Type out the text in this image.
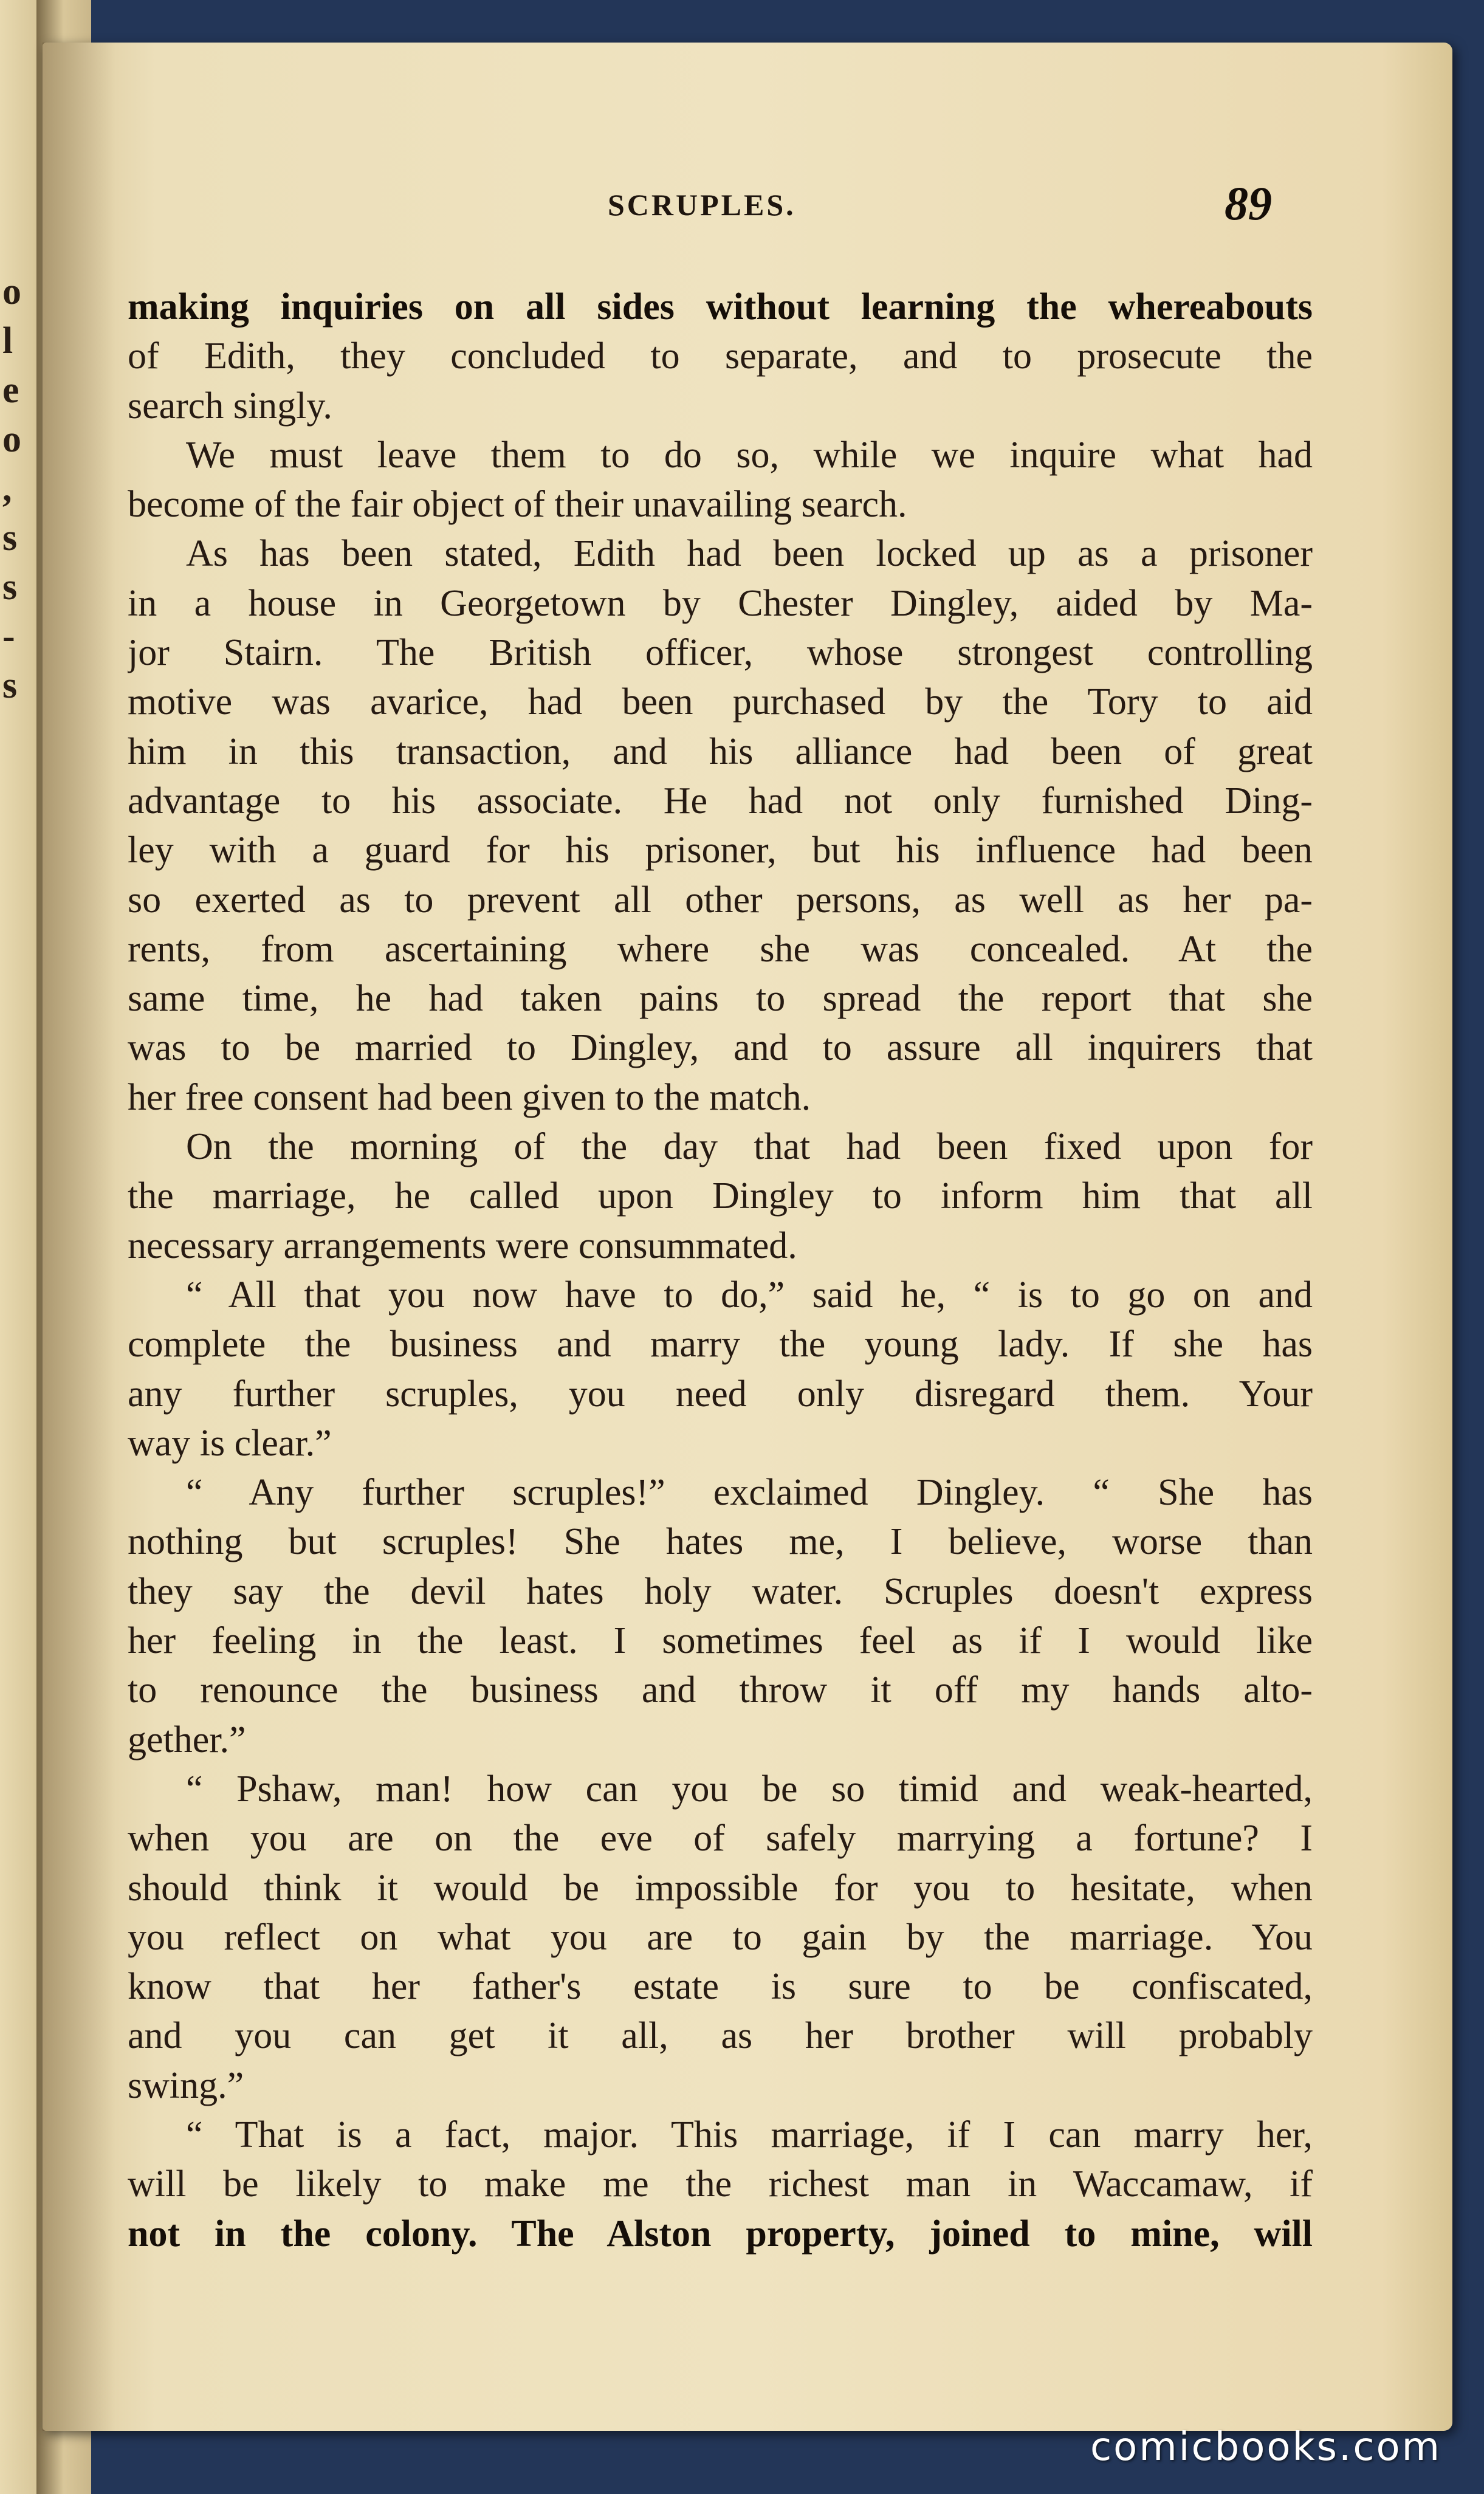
o
l
e
o
,
s
s
-
s
SCRUPLES.	89
making inquiries on all sides without learning the whereabouts
of Edith, they concluded to separate, and to prosecute the
search singly.
We must leave them to do so, while we inquire what had
become of the fair object of their unavailing search.
As has been stated, Edith had been locked up as a prisoner
in a house in Georgetown by Chester Dingley, aided by Ma-
jor Stairn. The British officer, whose strongest controlling
motive was avarice, had been purchased by the Tory to aid
him in this transaction, and his alliance had been of great
advantage to his associate. He had not only furnished Ding-
ley with a guard for his prisoner, but his influence had been
so exerted as to prevent all other persons, as well as her pa-
rents, from ascertaining where she was concealed. At the
same time, he had taken pains to spread the report that she
was to be married to Dingley, and to assure all inquirers that
her free consent had been given to the match.
On the morning of the day that had been fixed upon for
the marriage, he called upon Dingley to inform him that all
necessary arrangements were consummated.
“ All that you now have to do,” said he, “ is to go on and
complete the business and marry the young lady. If she has
any further scruples, you need only disregard them. Your
way is clear.”
“ Any further scruples!” exclaimed Dingley. “ She has
nothing but scruples! She hates me, I believe, worse than
they say the devil hates holy water. Scruples doesn't express
her feeling in the least. I sometimes feel as if I would like
to renounce the business and throw it off my hands alto-
gether.”
“ Pshaw, man! how can you be so timid and weak-hearted,
when you are on the eve of safely marrying a fortune? I
should think it would be impossible for you to hesitate, when
you reflect on what you are to gain by the marriage. You
know that her father's estate is sure to be confiscated,
and you can get it all, as her brother will probably
swing.”
“ That is a fact, major. This marriage, if I can marry her,
will be likely to make me the richest man in Waccamaw, if
not in the colony. The Alston property, joined to mine, will
comicbooks.com
